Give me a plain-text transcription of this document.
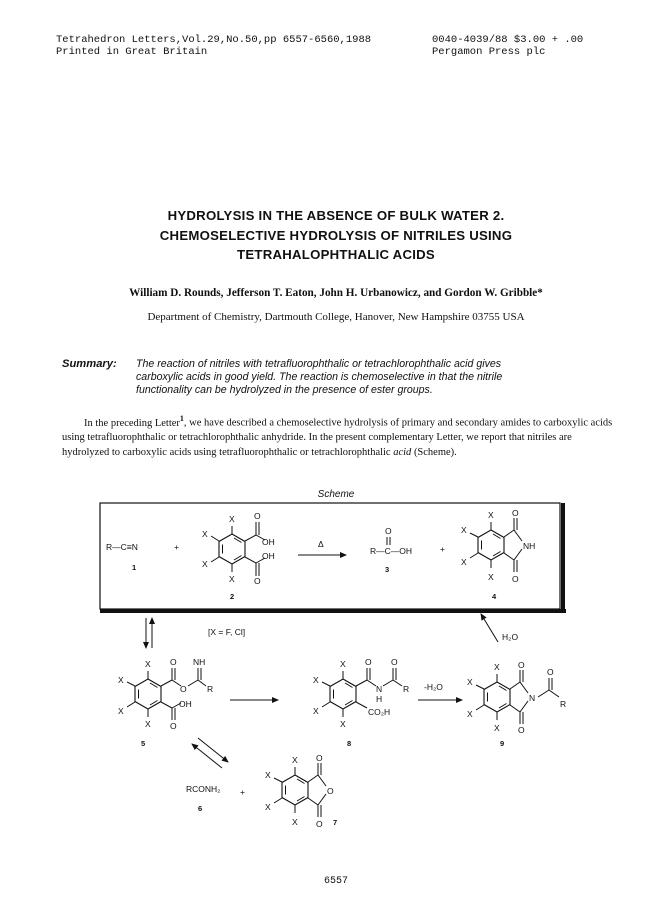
Tetrahedron Letters,Vol.29,No.50,pp 6557-6560,1988
Printed in Great Britain
0040-4039/88 $3.00 + .00
Pergamon Press plc
HYDROLYSIS IN THE ABSENCE OF BULK WATER 2.
CHEMOSELECTIVE HYDROLYSIS OF NITRILES USING
TETRAHALOPHTHALIC ACIDS
William D. Rounds, Jefferson T. Eaton, John H. Urbanowicz, and Gordon W. Gribble*
Department of Chemistry, Dartmouth College, Hanover, New Hampshire 03755 USA
Summary: The reaction of nitriles with tetrafluorophthalic or tetrachlorophthalic acid gives carboxylic acids in good yield. The reaction is chemoselective in that the nitrile functionality can be hydrolyzed in the presence of ester groups.
In the preceding Letter$^1$, we have described a chemoselective hydrolysis of primary and secondary amides to carboxylic acids using tetrafluorophthalic or tetrachlorophthalic anhydride. In the present complementary Letter, we report that nitriles are hydrolyzed to carboxylic acids using tetrafluorophthalic or tetrachlorophthalic acid (Scheme).
Scheme
R—C≡N
1
+
X O
X
OH
OH
X
X O
2
Δ
O
R—C—OH
3
+
X O
X
NH
X
X O
4
[X = F, Cl]	H₂O
X O NH
X
O R
OH
X
X O
5
X O O
X
N R
H
CO₂H
X
X
8
-H₂O
X O
O
X
N
R
X
X O
9
RCONH₂
6
+
X O
X
O
X
X O 7
6557
